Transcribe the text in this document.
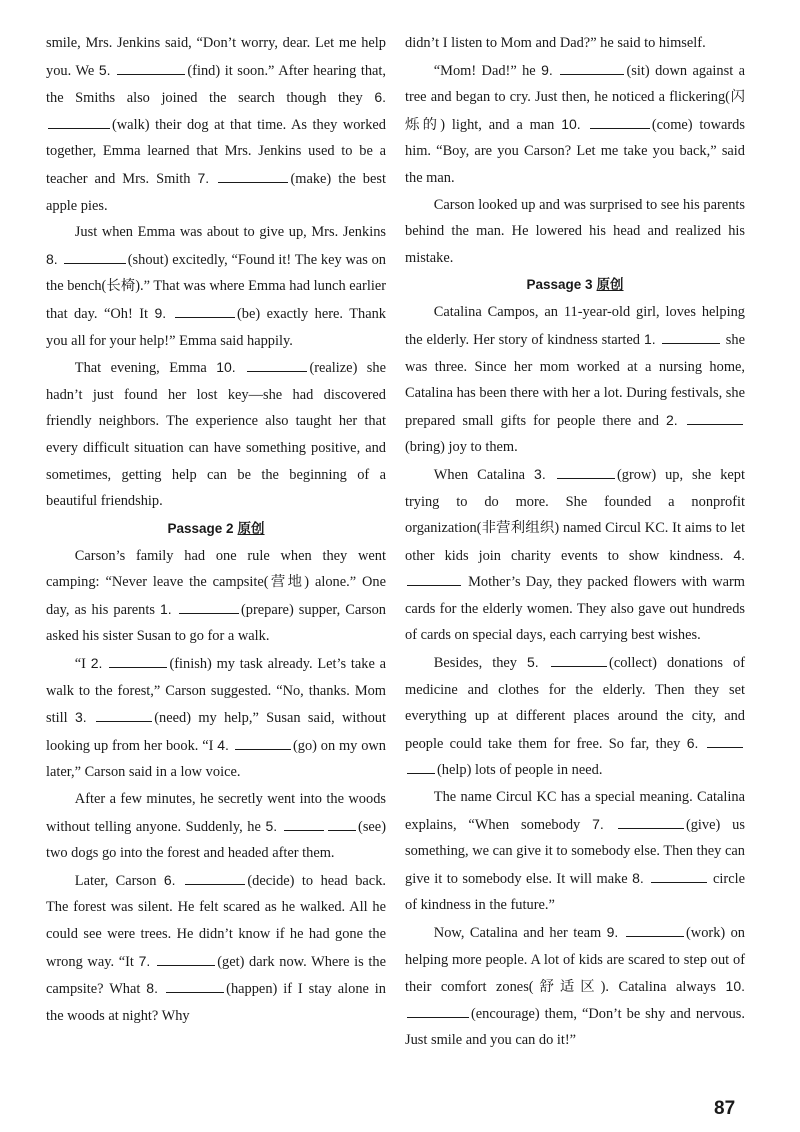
smile, Mrs. Jenkins said, “Don’t worry, dear. Let me help you. We 5.	(find) it soon.” After hearing that, the Smiths also joined the search though they 6. (walk) their dog at that time. As they worked together, Emma learned that Mrs. Jenkins used to be a teacher and Mrs. Smith 7.	(make) the best apple pies.

Just when Emma was about to give up, Mrs. Jenkins 8.	(shout) excitedly, “Found it! The key was on the bench(长椅).” That was where Emma had lunch earlier that day. “Oh! It 9.	(be) exactly here. Thank you all for your help!” Emma said happily.

That evening, Emma 10.	(realize) she hadn’t just found her lost key—she had discovered friendly neighbors. The experience also taught her that every difficult situation can have something positive, and sometimes, getting help can be the beginning of a beautiful friendship.

Passage 2 原创

Carson’s family had one rule when they went camping: “Never leave the campsite(营地) alone.” One day, as his parents 1.	(prepare) supper, Carson asked his sister Susan to go for a walk.

“I 2.	(finish) my task already. Let’s take a walk to the forest,” Carson suggested. “No, thanks. Mom still 3.	(need) my help,” Susan said, without looking up from her book. “I 4.	(go) on my own later,” Carson said in a low voice.

After a few minutes, he secretly went into the woods without telling anyone. Suddenly, he 5.	(see) two dogs go into the forest and headed after them.

Later, Carson 6.	(decide) to head back. The forest was silent. He felt scared as he walked. All he could see were trees. He didn’t know if he had gone the wrong way. “It 7.	(get) dark now. Where is the campsite? What 8.	(happen) if I stay alone in the woods at night? Why

didn’t I listen to Mom and Dad?” he said to himself.

“Mom! Dad!” he 9.	(sit) down against a tree and began to cry. Just then, he noticed a flickering(闪烁的) light, and a man 10.	(come) towards him. “Boy, are you Carson? Let me take you back,” said the man.

Carson looked up and was surprised to see his parents behind the man. He lowered his head and realized his mistake.

Passage 3 原创

Catalina Campos, an 11-year-old girl, loves helping the elderly. Her story of kindness started 1.	she was three. Since her mom worked at a nursing home, Catalina has been there with her a lot. During festivals, she prepared small gifts for people there and 2. (bring) joy to them.

When Catalina 3.	(grow) up, she kept trying to do more. She founded a nonprofit organization(非营利组织) named Circul KC. It aims to let other kids join charity events to show kindness. 4.  Mother’s Day, they packed flowers with warm cards for the elderly women. They also gave out hundreds of cards on special days, each carrying best wishes.

Besides, they 5.	(collect) donations of medicine and clothes for the elderly. Then they set everything up at different places around the city, and people could take them for free. So far, they 6. (help) lots of people in need.

The name Circul KC has a special meaning. Catalina explains, “When somebody 7.	(give) us something, we can give it to somebody else. Then they can give it to somebody else. It will make 8.	circle of kindness in the future.”

Now, Catalina and her team 9.	(work) on helping more people. A lot of kids are scared to step out of their comfort zones(舒适区). Catalina always 10. (encourage) them, “Don’t be shy and nervous. Just smile and you can do it!”

87
